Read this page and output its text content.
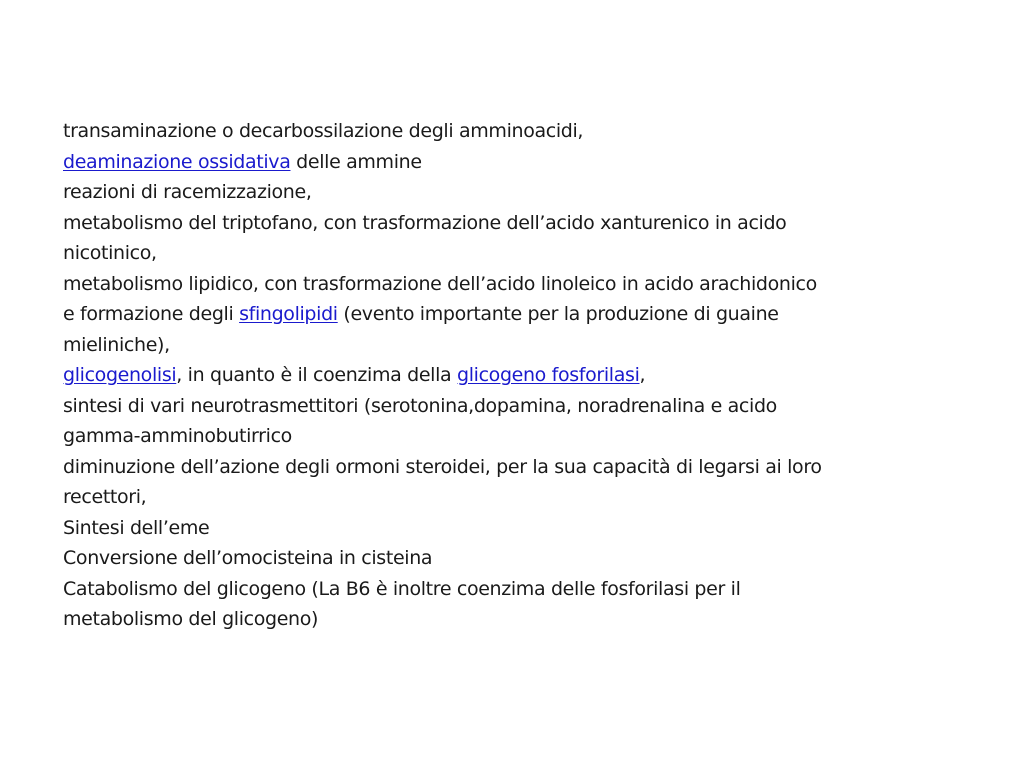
transaminazione o decarbossilazione degli amminoacidi,
deaminazione ossidativa delle ammine
reazioni di racemizzazione,
metabolismo del triptofano, con trasformazione dell’acido xanturenico in acido
nicotinico,
metabolismo lipidico, con trasformazione dell’acido linoleico in acido arachidonico
e formazione degli sfingolipidi (evento importante per la produzione di guaine
mieliniche),
glicogenolisi, in quanto è il coenzima della glicogeno fosforilasi,
sintesi di vari neurotrasmettitori (serotonina,dopamina, noradrenalina e acido
gamma-amminobutirrico
diminuzione dell’azione degli ormoni steroidei, per la sua capacità di legarsi ai loro
recettori,
Sintesi dell’eme
Conversione dell’omocisteina in cisteina
Catabolismo del glicogeno (La B6 è inoltre coenzima delle fosforilasi per il
metabolismo del glicogeno)
